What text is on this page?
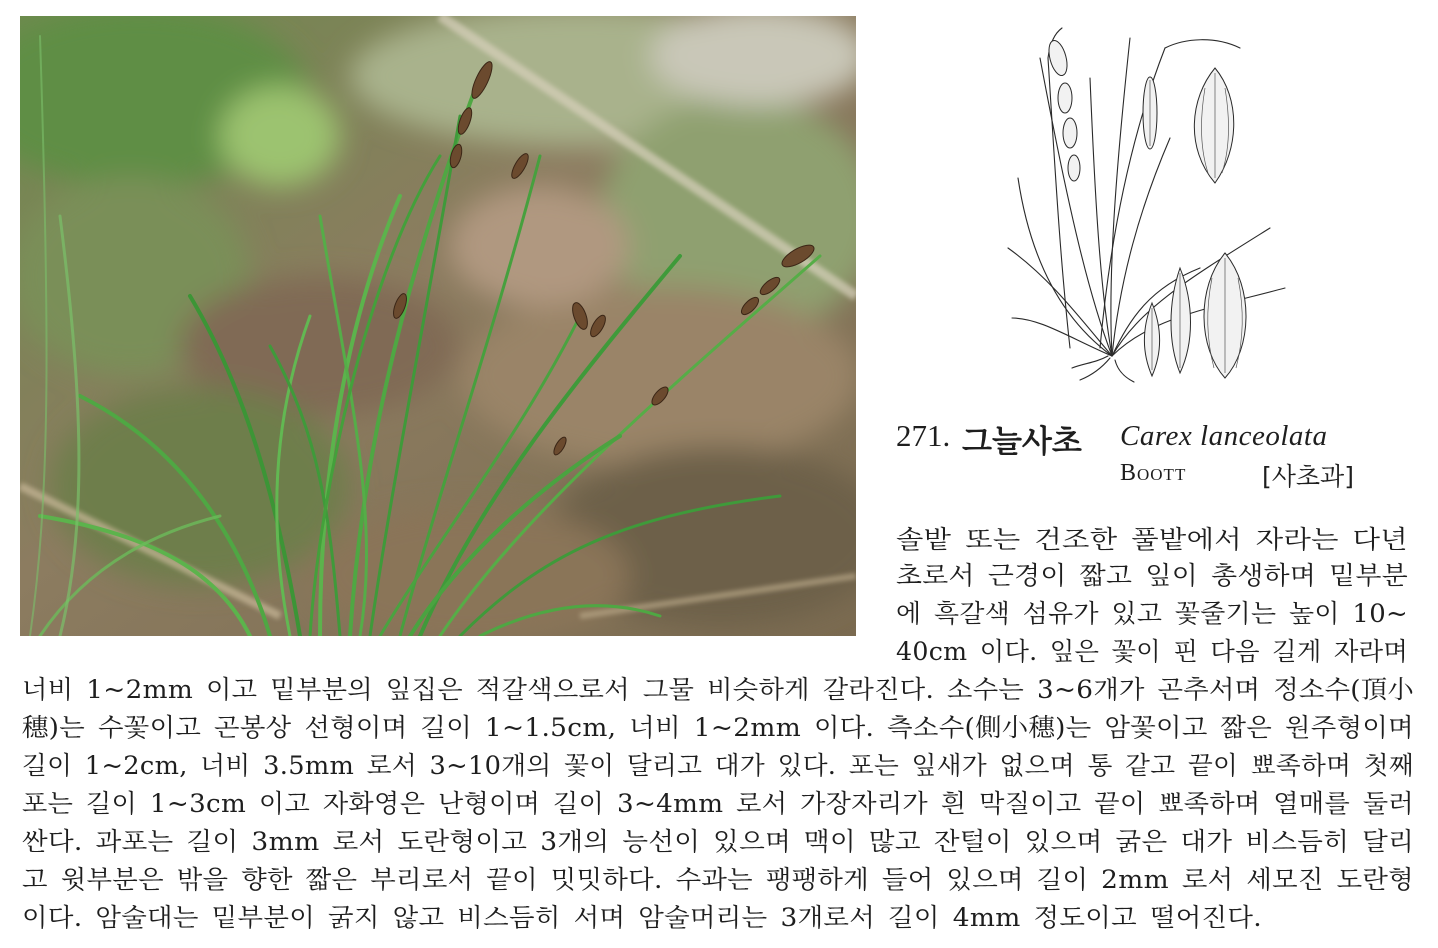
271. 그늘사초 Carex lanceolata
Boott	[사초과]
솔밭 또는 건조한 풀밭에서 자라는 다년
초로서 근경이 짧고 잎이 총생하며 밑부분
에 흑갈색 섬유가 있고 꽃줄기는 높이 10~
40cm 이다. 잎은 꽃이 핀 다음 길게 자라며
너비 1~2mm 이고 밑부분의 잎집은 적갈색으로서 그물 비슷하게 갈라진다. 소수는 3~6개가 곤추서며 정소수(頂小
穗)는 수꽃이고 곤봉상 선형이며 길이 1~1.5cm, 너비 1~2mm 이다. 측소수(側小穗)는 암꽃이고 짧은 원주형이며
길이 1~2cm, 너비 3.5mm 로서 3~10개의 꽃이 달리고 대가 있다. 포는 잎새가 없으며 통 같고 끝이 뾰족하며 첫째
포는 길이 1~3cm 이고 자화영은 난형이며 길이 3~4mm 로서 가장자리가 흰 막질이고 끝이 뾰족하며 열매를 둘러
싼다. 과포는 길이 3mm 로서 도란형이고 3개의 능선이 있으며 맥이 많고 잔털이 있으며 굵은 대가 비스듬히 달리
고 윗부분은 밖을 향한 짧은 부리로서 끝이 밋밋하다. 수과는 팽팽하게 들어 있으며 길이 2mm 로서 세모진 도란형
이다. 암술대는 밑부분이 굵지 않고 비스듬히 서며 암술머리는 3개로서 길이 4mm 정도이고 떨어진다.
